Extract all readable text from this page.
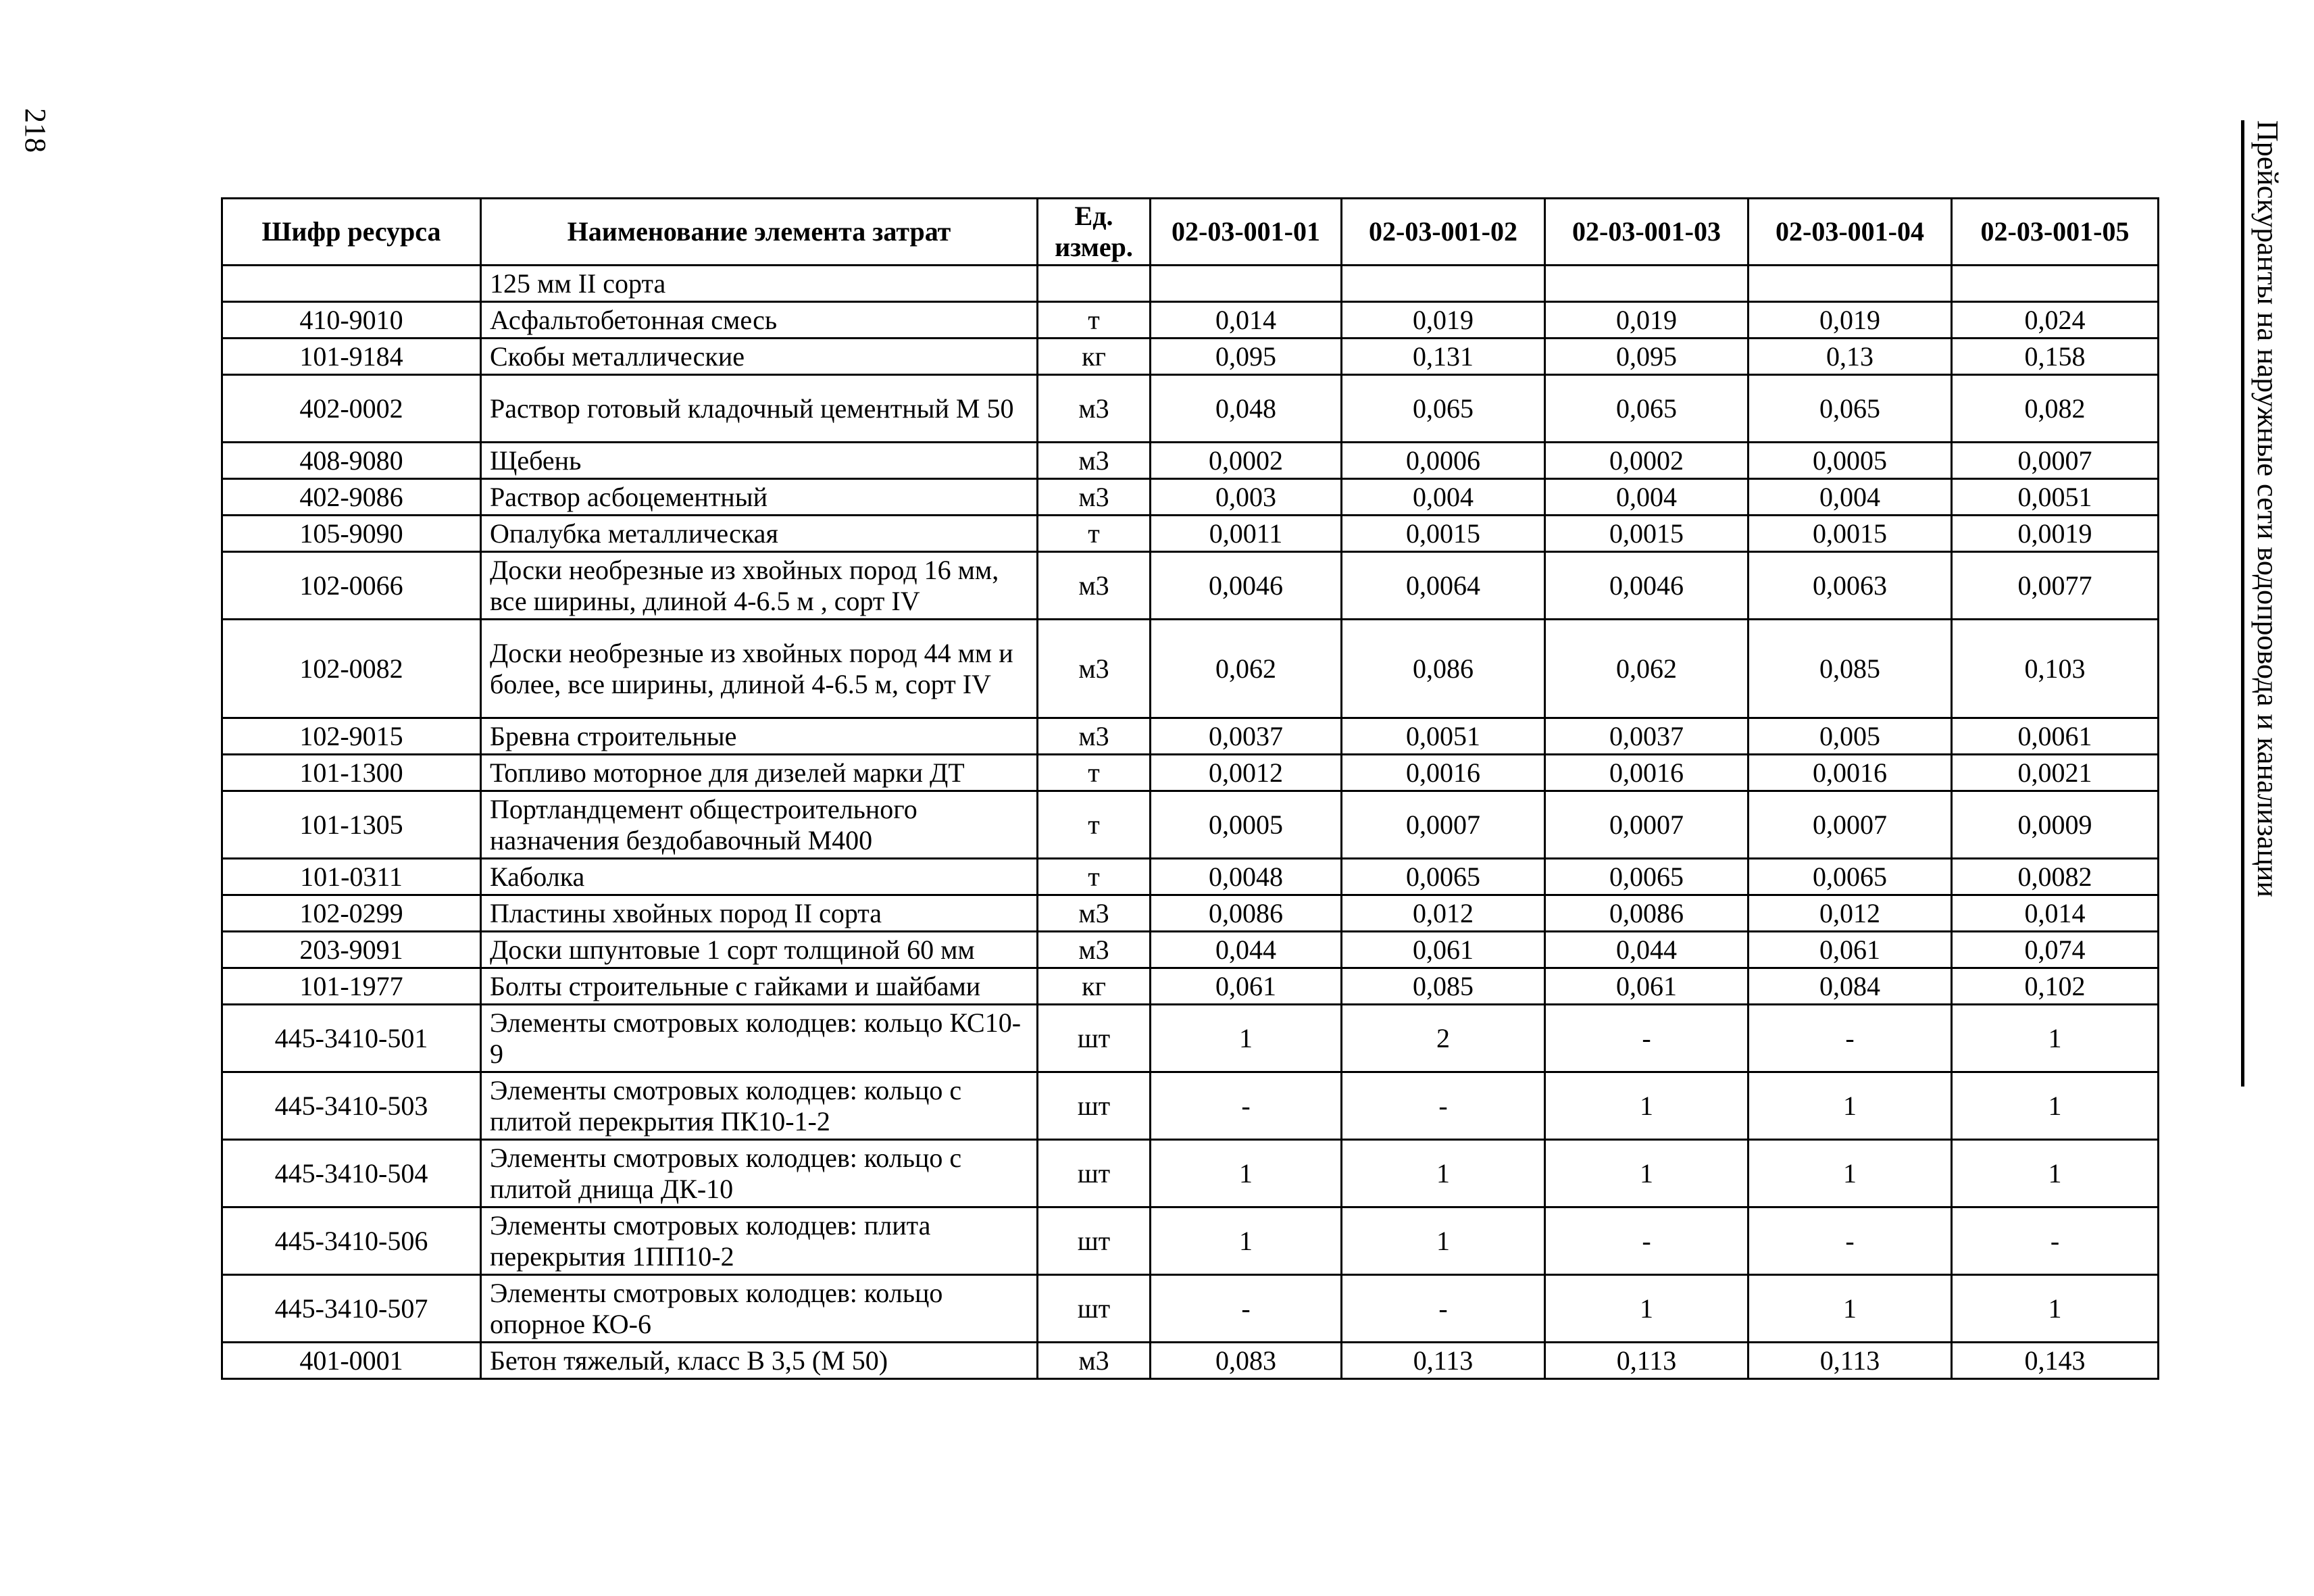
218	Прейскуранты на наружные сети водопровода и канализации
Шифр ресурса	Наименование элемента затрат	Ед. измер.	02-03-001-01	02-03-001-02	02-03-001-03	02-03-001-04	02-03-001-05
	125 мм II сорта						
410-9010	Асфальтобетонная смесь	т	0,014	0,019	0,019	0,019	0,024
101-9184	Скобы металлические	кг	0,095	0,131	0,095	0,13	0,158
402-0002	Раствор готовый кладочный цементный М 50	м3	0,048	0,065	0,065	0,065	0,082
408-9080	Щебень	м3	0,0002	0,0006	0,0002	0,0005	0,0007
402-9086	Раствор асбоцементный	м3	0,003	0,004	0,004	0,004	0,0051
105-9090	Опалубка металлическая	т	0,0011	0,0015	0,0015	0,0015	0,0019
102-0066	Доски необрезные из хвойных пород 16 мм, все ширины, длиной 4-6.5 м , сорт IV	м3	0,0046	0,0064	0,0046	0,0063	0,0077
102-0082	Доски необрезные из хвойных пород 44 мм и более, все ширины, длиной 4-6.5 м, сорт IV	м3	0,062	0,086	0,062	0,085	0,103
102-9015	Бревна строительные	м3	0,0037	0,0051	0,0037	0,005	0,0061
101-1300	Топливо моторное для дизелей марки ДТ	т	0,0012	0,0016	0,0016	0,0016	0,0021
101-1305	Портландцемент общестроительного назначения бездобавочный М400	т	0,0005	0,0007	0,0007	0,0007	0,0009
101-0311	Каболка	т	0,0048	0,0065	0,0065	0,0065	0,0082
102-0299	Пластины хвойных пород II сорта	м3	0,0086	0,012	0,0086	0,012	0,014
203-9091	Доски шпунтовые 1 сорт толщиной 60 мм	м3	0,044	0,061	0,044	0,061	0,074
101-1977	Болты строительные с гайками и шайбами	кг	0,061	0,085	0,061	0,084	0,102
445-3410-501	Элементы смотровых колодцев: кольцо КС10-9	шт	1	2	-	-	1
445-3410-503	Элементы смотровых колодцев: кольцо с плитой перекрытия ПК10-1-2	шт	-	-	1	1	1
445-3410-504	Элементы смотровых колодцев: кольцо с плитой днища ДК-10	шт	1	1	1	1	1
445-3410-506	Элементы смотровых колодцев: плита перекрытия 1ПП10-2	шт	1	1	-	-	-
445-3410-507	Элементы смотровых колодцев: кольцо опорное КО-6	шт	-	-	1	1	1
401-0001	Бетон тяжелый, класс В 3,5 (М 50)	м3	0,083	0,113	0,113	0,113	0,143
